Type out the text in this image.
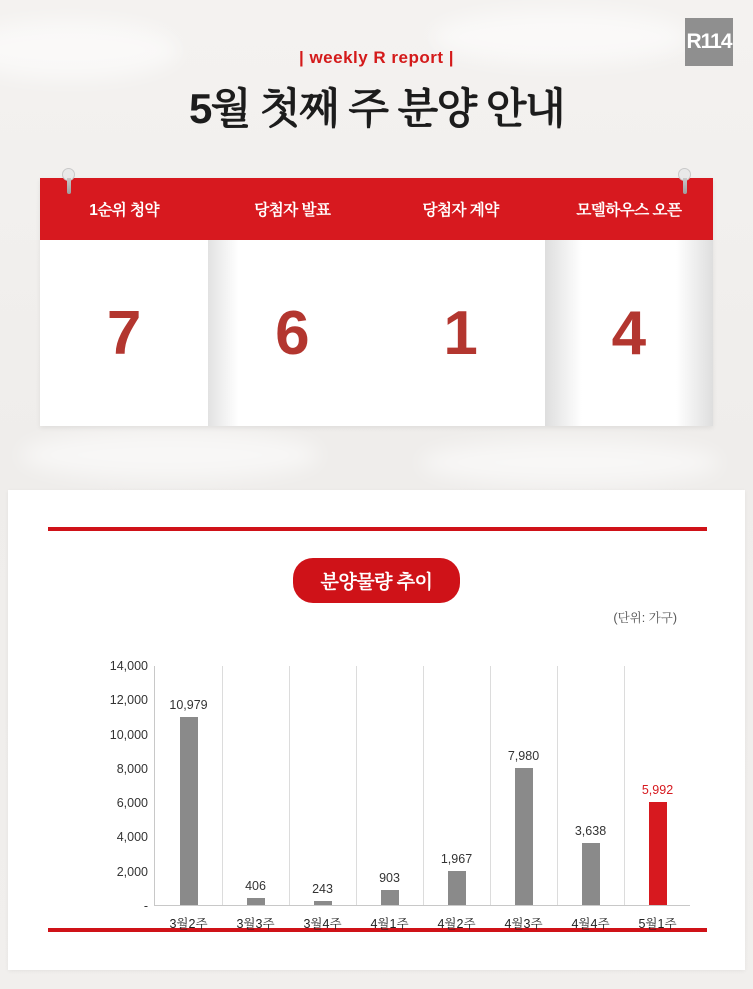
R114
| weekly R report |
5월 첫째 주 분양 안내
1순위 청약
7
당첨자 발표
6
당첨자 계약
1
모델하우스 오픈
4
분양물량 추이
(단위: 가구)
-
2,000
4,000
6,000
8,000
10,000
12,000
14,000
10,979
3월2주
406
3월3주
243
3월4주
903
4월1주
1,967
4월2주
7,980
4월3주
3,638
4월4주
5,992
5월1주
